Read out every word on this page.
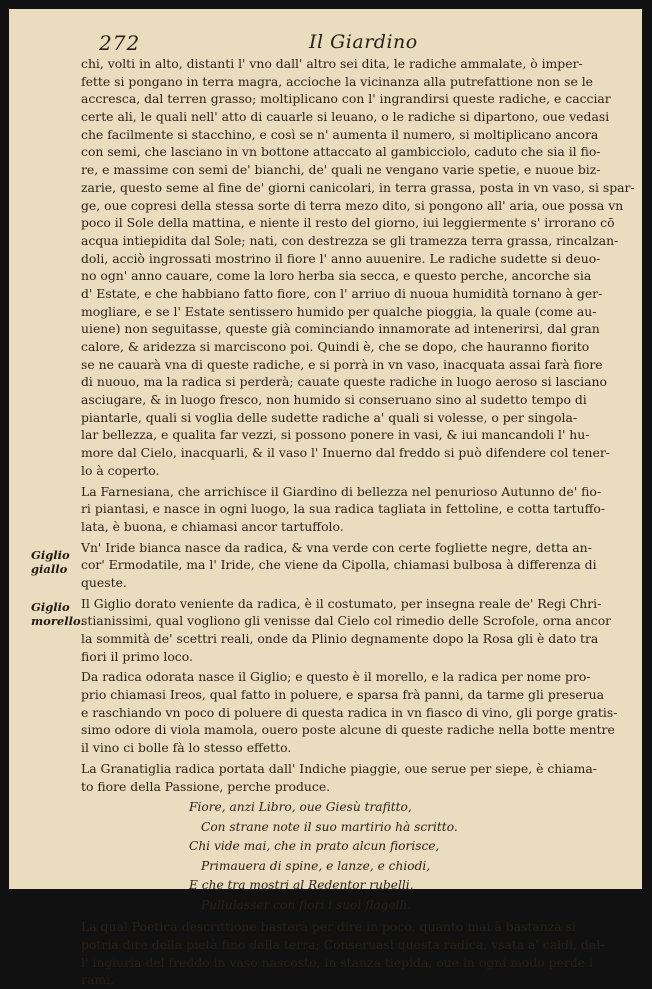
272	Il Giardino
Giglio
giallo
Giglio
morello.
chi, volti in alto, distanti l' vno dall' altro sei dita, le radiche ammalate, ò imper-
fette si pongano in terra magra, accioche la vicinanza alla putrefattione non se le
accresca, dal terren grasso; moltiplicano con l' ingrandirsi queste radiche, e cacciar
certe ali, le quali nell' atto di cauarle si leuano, o le radiche si dipartono, oue vedasi
che facilmente si stacchino, e così se n' aumenta il numero, si moltiplicano ancora
con semi, che lasciano in vn bottone attaccato al gambicciolo, caduto che sia il fio-
re, e massime con semi de' bianchi, de' quali ne vengano varie spetie, e nuoue biz-
zarie, questo seme al fine de' giorni canicolari, in terra grassa, posta in vn vaso, si spar-
ge, oue copresi della stessa sorte di terra mezo dito, si pongono all' aria, oue possa vn
poco il Sole della mattina, e niente il resto del giorno, iui leggiermente s' irrorano cō
acqua intiepidita dal Sole; nati, con destrezza se gli tramezza terra grassa, rincalzan-
doli, acciò ingrossati mostrino il fiore l' anno auuenire. Le radiche sudette si deuo-
no ogn' anno cauare, come la loro herba sia secca, e questo perche, ancorche sia
d' Estate, e che habbiano fatto fiore, con l' arriuo di nuoua humidità tornano à ger-
mogliare, e se l' Estate sentissero humido per qualche pioggia, la quale (come au-
uiene) non seguitasse, queste già cominciando innamorate ad intenerirsi, dal gran
calore, & aridezza si marciscono poi. Quindi è, che se dopo, che hauranno fiorito
se ne cauarà vna di queste radiche, e si porrà in vn vaso, inacquata assai farà fiore
di nuouo, ma la radica si perderà; cauate queste radiche in luogo aeroso si lasciano
asciugare, & in luogo fresco, non humido si conseruano sino al sudetto tempo di
piantarle, quali si voglia delle sudette radiche a' quali si volesse, o per singola-
lar bellezza, e qualita far vezzi, si possono ponere in vasi, & iui mancandoli l' hu-
more dal Cielo, inacquarli, & il vaso l' Inuerno dal freddo si può difendere col tener-
lo à coperto.
La Farnesiana, che arrichisce il Giardino di bellezza nel penurioso Autunno de' fio-
ri piantasi, e nasce in ogni luogo, la sua radica tagliata in fettoline, e cotta tartuffo-
lata, è buona, e chiamasi ancor tartuffolo.
Vn' Iride bianca nasce da radica, & vna verde con certe fogliette negre, detta an-
cor' Ermodatile, ma l' Iride, che viene da Cipolla, chiamasi bulbosa à differenza di
queste.
Il Giglio dorato veniente da radica, è il costumato, per insegna reale de' Regi Chri-
stianissimi, qual vogliono gli venisse dal Cielo col rimedio delle Scrofole, orna ancor
la sommità de' scettri reali, onde da Plinio degnamente dopo la Rosa gli è dato tra
fiori il primo loco.
Da radica odorata nasce il Giglio; e questo è il morello, e la radica per nome pro-
prio chiamasi Ireos, qual fatto in poluere, e sparsa frà panni, da tarme gli preserua
e raschiando vn poco di poluere di questa radica in vn fiasco di vino, gli porge gratis-
simo odore di viola mamola, ouero poste alcune di queste radiche nella botte mentre
il vino ci bolle fà lo stesso effetto.
La Granatiglia radica portata dall' Indiche piaggie, oue serue per siepe, è chiama-
to fiore della Passione, perche produce.
Fiore, anzi Libro, oue Giesù trafitto,
Con strane note il suo martirio hà scritto.
Chi vide mai, che in prato alcun fiorisce,
Primauera di spine, e lanze, e chiodi,
E che tra mostri al Redentor rubelli,
Pullulasser con fiori i suoi flagelli.
La qual Poetica descrittione basterà per dire in poco, quanto mai à bastanza si
potria dire della pietà fino dalla terra; Conseruasi questa radica, vsata a' caldi, dal-
l' ingiuria del freddo in vaso nascosto, in stanza tiepida, oue in ogni modo perde i
rami,
